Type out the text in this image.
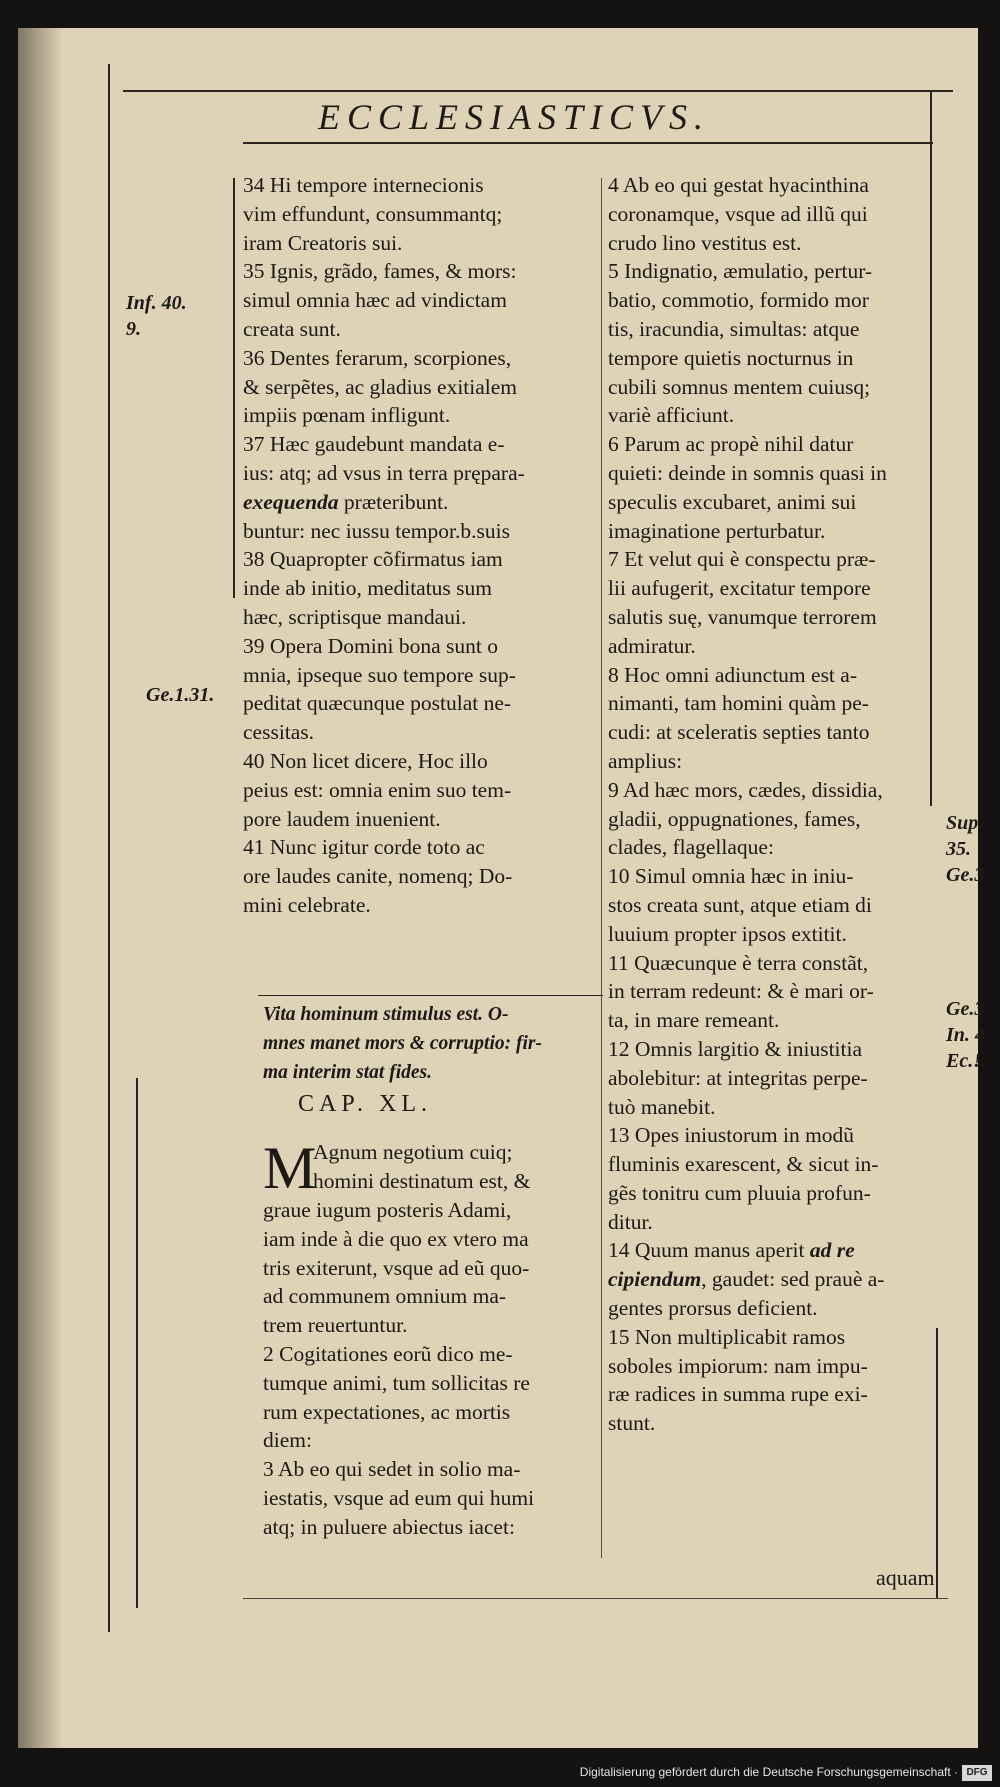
ECCLESIASTICVS.
Inf. 40.
9.
Ge.1.31.
Sup.
35.
Ge.3
Ge.3
In. 4
Ec.!.
34 Hi tempore internecionis
vim effundunt, consummantq;
iram Creatoris sui.
35 Ignis, grãdo, fames, & mors:
simul omnia hæc ad vindictam
creata sunt.
36 Dentes ferarum, scorpiones,
& serpẽtes, ac gladius exitialem
impiis pœnam infligunt.
37 Hæc gaudebunt mandata e-
ius: atq; ad vsus in terra pręparа-
exequenda præteribunt.
buntur: nec iussu tempor.b.suis
38 Quapropter cõfirmatus iam
inde ab initio, meditatus sum
hæc, scriptisque mandaui.
39 Opera Domini bona sunt o
mnia, ipseque suo tempore sup-
peditat quæcunque postulat ne-
cessitas.
40 Non licet dicere, Hoc illo
peius est: omnia enim suo tem-
pore laudem inuenient.
41 Nunc igitur corde toto ac
ore laudes canite, nomenq; Do-
mini celebrate.
Vita hominum stimulus est. O-
mnes manet mors & corruptio: fir-
ma interim stat fides.
CAP. XL.
M
Agnum negotium cuiq;
homini destinatum est, &
graue iugum posteris Adami,
iam inde à die quo ex vtero ma
tris exiterunt, vsque ad eũ quo-
ad communem omnium ma-
trem reuertuntur.
2 Cogitationes eorũ dico me-
tumque animi, tum sollicitas re
rum expectationes, ac mortis
diem:
3 Ab eo qui sedet in solio ma-
iestatis, vsque ad eum qui humi
atq; in puluere abiectus iacet:
4 Ab eo qui gestat hyacinthina
coronamque, vsque ad illũ qui
crudo lino vestitus est.
5 Indignatio, æmulatio, pertur-
batio, commotio, formido mor
tis, iracundia, simultas: atque
tempore quietis nocturnus in
cubili somnus mentem cuiusq;
variè afficiunt.
6 Parum ac propè nihil datur
quieti: deinde in somnis quasi in
speculis excubaret, animi sui
imaginatione perturbatur.
7 Et velut qui è conspectu præ-
lii aufugerit, excitatur tempore
salutis suę, vanumque terrorem
admiratur.
8 Hoc omni adiunctum est a-
nimanti, tam homini quàm pe-
cudi: at sceleratis septies tanto
amplius:
9 Ad hæc mors, cædes, dissidia,
gladii, oppugnationes, fames,
clades, flagellaque:
10 Simul omnia hæc in iniu-
stos creata sunt, atque etiam di
luuium propter ipsos extitit.
11 Quæcunque è terra constãt,
in terram redeunt: & è mari or-
ta, in mare remeant.
12 Omnis largitio & iniustitia
abolebitur: at integritas perpe-
tuò manebit.
13 Opes iniustorum in modũ
fluminis exarescent, & sicut in-
gẽs tonitru cum pluuia profun-
ditur.
14 Quum manus aperit ad re
cipiendum, gaudet: sed prauè a-
gentes prorsus deficient.
15 Non multiplicabit ramos
soboles impiorum: nam impu-
ræ radices in summa rupe exi-
stunt.
aquam
Digitalisierung gefördert durch die Deutsche Forschungsgemeinschaft · DFG
